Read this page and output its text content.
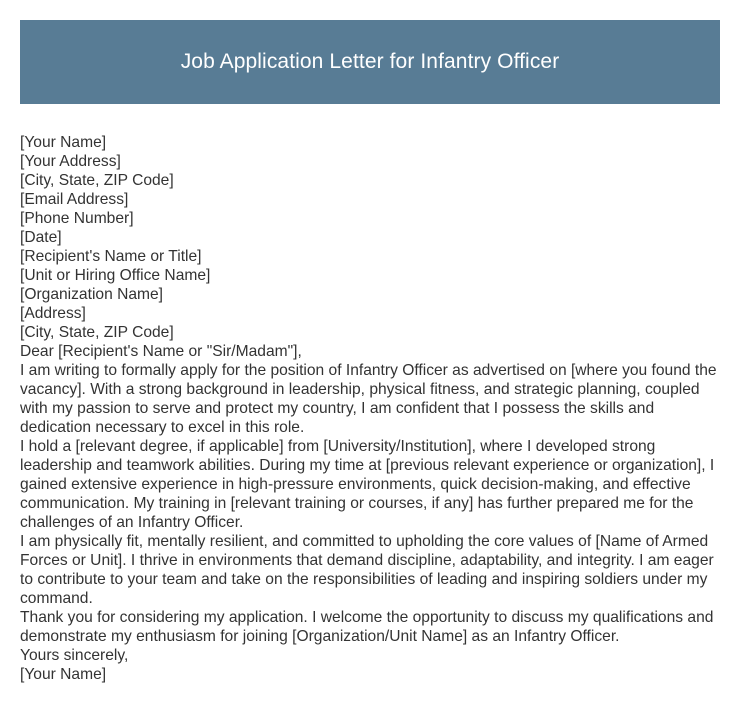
Job Application Letter for Infantry Officer
[Your Name]
[Your Address]
[City, State, ZIP Code]
[Email Address]
[Phone Number]
[Date]
[Recipient's Name or Title]
[Unit or Hiring Office Name]
[Organization Name]
[Address]
[City, State, ZIP Code]
Dear [Recipient's Name or "Sir/Madam"],

I am writing to formally apply for the position of Infantry Officer as advertised on [where you found the vacancy]. With a strong background in leadership, physical fitness, and strategic planning, coupled with my passion to serve and protect my country, I am confident that I possess the skills and dedication necessary to excel in this role.

I hold a [relevant degree, if applicable] from [University/Institution], where I developed strong leadership and teamwork abilities. During my time at [previous relevant experience or organization], I gained extensive experience in high-pressure environments, quick decision-making, and effective communication. My training in [relevant training or courses, if any] has further prepared me for the challenges of an Infantry Officer.

I am physically fit, mentally resilient, and committed to upholding the core values of [Name of Armed Forces or Unit]. I thrive in environments that demand discipline, adaptability, and integrity. I am eager to contribute to your team and take on the responsibilities of leading and inspiring soldiers under my command.

Thank you for considering my application. I welcome the opportunity to discuss my qualifications and demonstrate my enthusiasm for joining [Organization/Unit Name] as an Infantry Officer.

Yours sincerely,
[Your Name]
